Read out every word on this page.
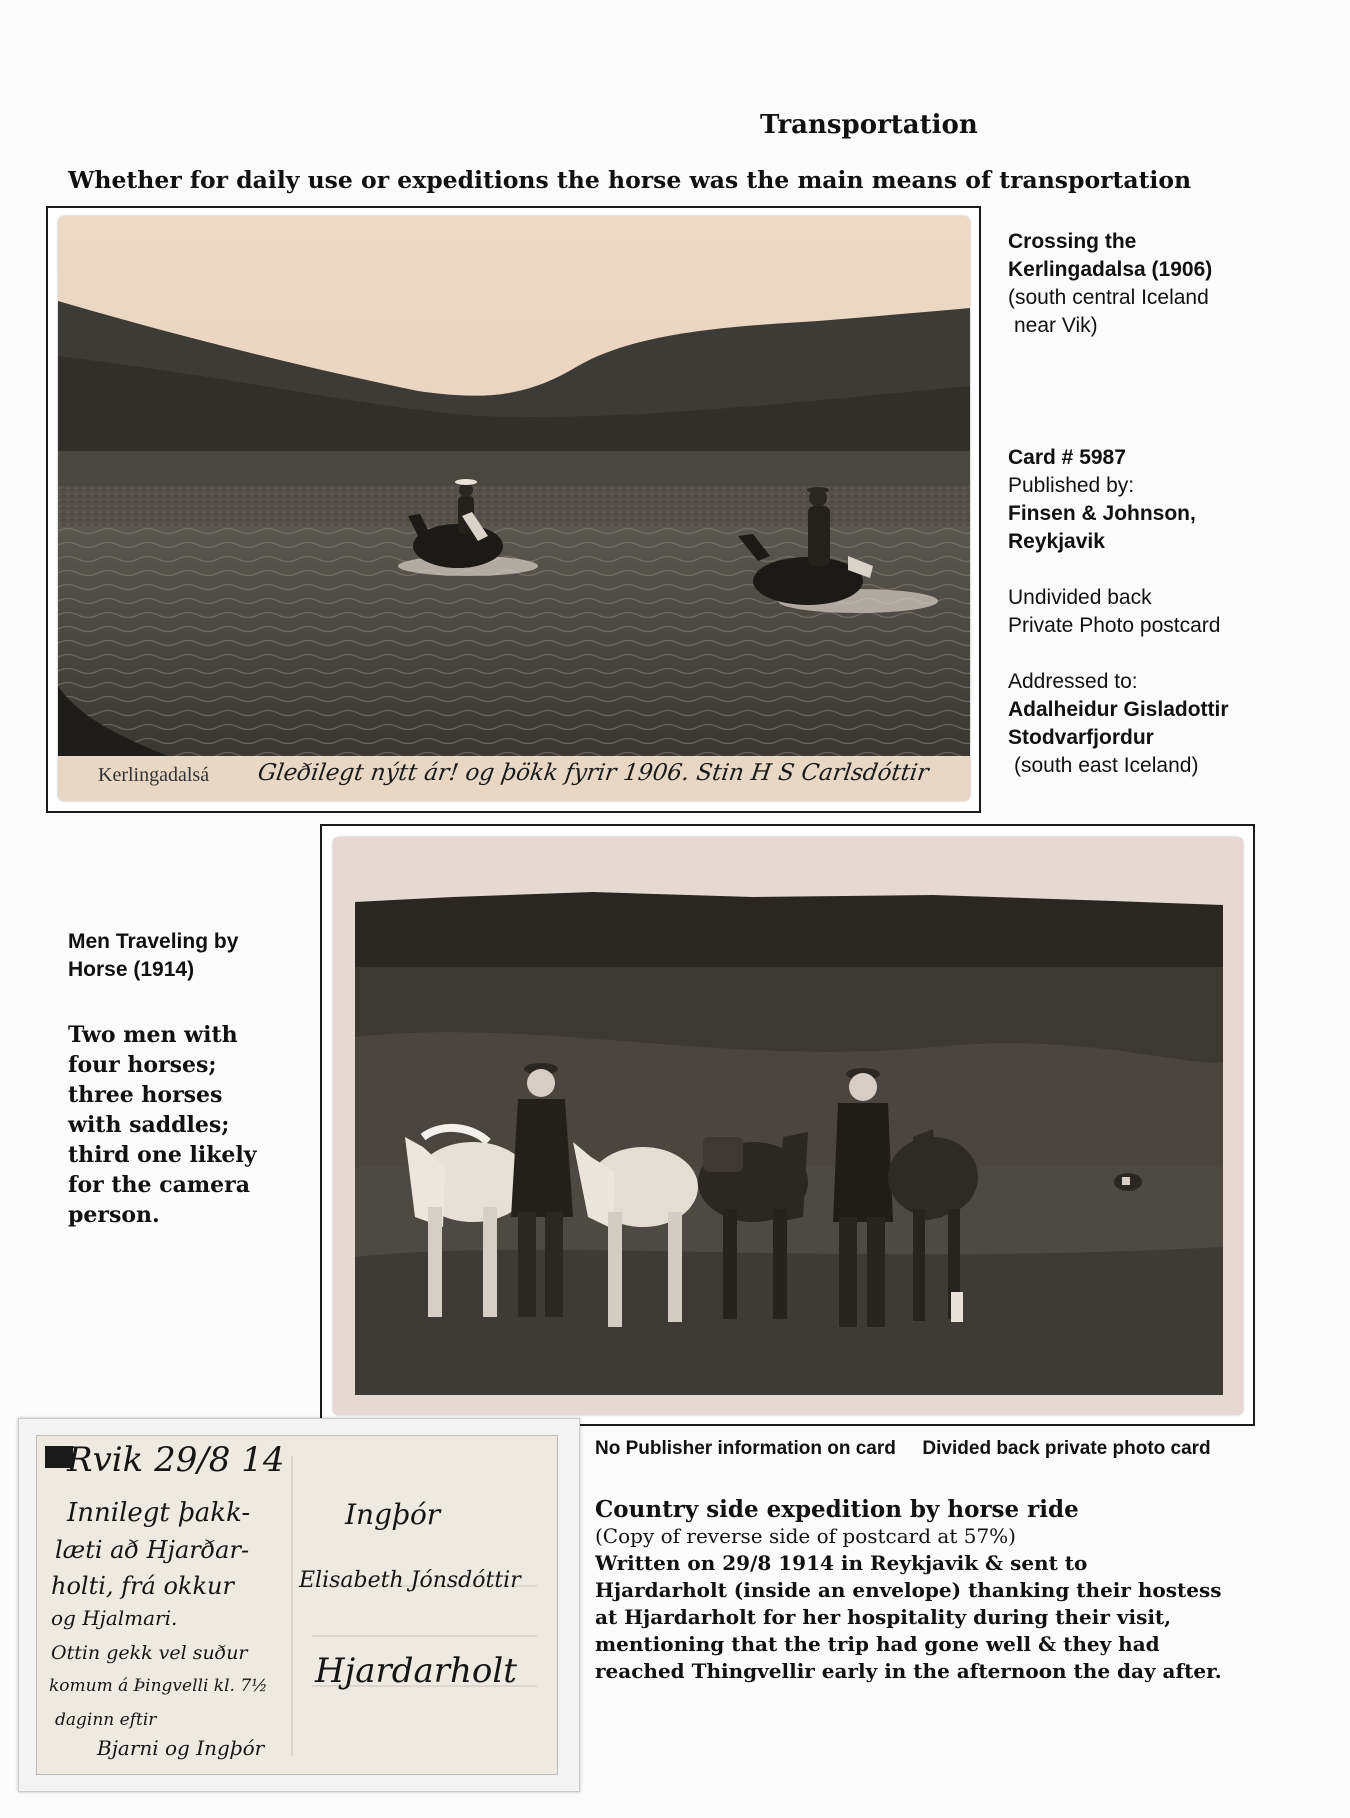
Transportation
Whether for daily use or expeditions the horse was the main means of transportation
Kerlingadalsá Gleðilegt nýtt ár! og þökk fyrir 1906. Stin H S Carlsdóttir
Crossing the
Kerlingadalsa (1906)
(south central Iceland
near Vik)
Card # 5987
Published by:
Finsen & Johnson,
Reykjavik
Undivided back
Private Photo postcard
Addressed to:
Adalheidur Gisladottir
Stodvarfjordur
(south east Iceland)
Men Traveling by
Horse (1914)
Two men with
four horses;
three horses
with saddles;
third one likely
for the camera
person.
No Publisher information on card Divided back private photo card
Rvik 29/8 14
Innilegt þakk-
læti að Hjarðar-
holti, frá okkur
og Hjalmari.
Ottin gekk vel suður
komum á Þingvelli kl. 7½
daginn eftir
Bjarni og Ingþór
Ingþór
Elisabeth Jónsdóttir
Hjardarholt
Country side expedition by horse ride
(Copy of reverse side of postcard at 57%)
Written on 29/8 1914 in Reykjavik & sent to
Hjardarholt (inside an envelope) thanking their hostess
at Hjardarholt for her hospitality during their visit,
mentioning that the trip had gone well & they had
reached Thingvellir early in the afternoon the day after.
